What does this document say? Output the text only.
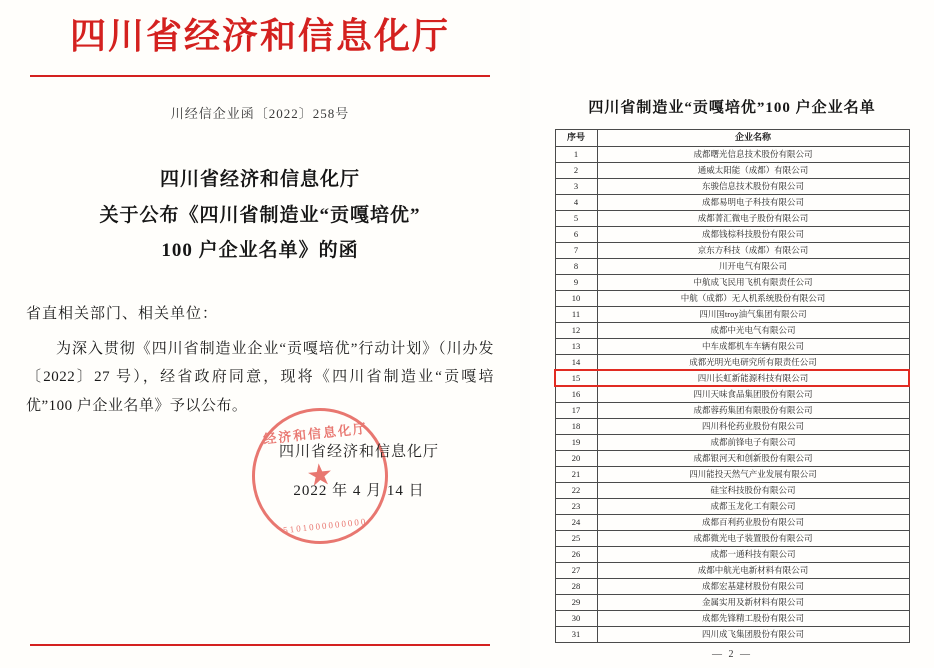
四川省经济和信息化厅
川经信企业函〔2022〕258号
四川省经济和信息化厅
关于公布《四川省制造业“贡嘎培优”
100 户企业名单》的函
省直相关部门、相关单位：
为深入贯彻《四川省制造业企业“贡嘎培优”行动计划》（川办发〔2022〕27 号），经省政府同意，现将《四川省制造业“贡嘎培优”100 户企业名单》予以公布。
经济和信息化厅
★
5101000000000
四川省经济和信息化厅
2022 年 4 月 14 日
四川省制造业“贡嘎培优”100 户企业名单
序号	企业名称
1	成都曙光信息技术股份有限公司
2	通威太阳能（成都）有限公司
3	东骏信息技术股份有限公司
4	成都易明电子科技有限公司
5	成都菁汇微电子股份有限公司
6	成都钱棕科技股份有限公司
7	京东方科技（成都）有限公司
8	川开电气有限公司
9	中航成飞民用飞机有限责任公司
10	中航（成都）无人机系统股份有限公司
11	四川国troy油气集团有限公司
12	成都中光电气有限公司
13	中车成都机车车辆有限公司
14	成都光明光电研究所有限责任公司
15	四川长虹新能源科技有限公司
16	四川天味食品集团股份有限公司
17	成都蓉药集团有限股份有限公司
18	四川科伦药业股份有限公司
19	成都前锋电子有限公司
20	成都银河天和创新股份有限公司
21	四川能投天然气产业发展有限公司
22	硅宝科技股份有限公司
23	成都玉龙化工有限公司
24	成都百利药业股份有限公司
25	成都微光电子装置股份有限公司
26	成都一通科技有限公司
27	成都中航光电新材料有限公司
28	成都宏基建材股份有限公司
29	金属实用及新材料有限公司
30	成都先锋精工股份有限公司
31	四川成飞集团股份有限公司
— 2 —
